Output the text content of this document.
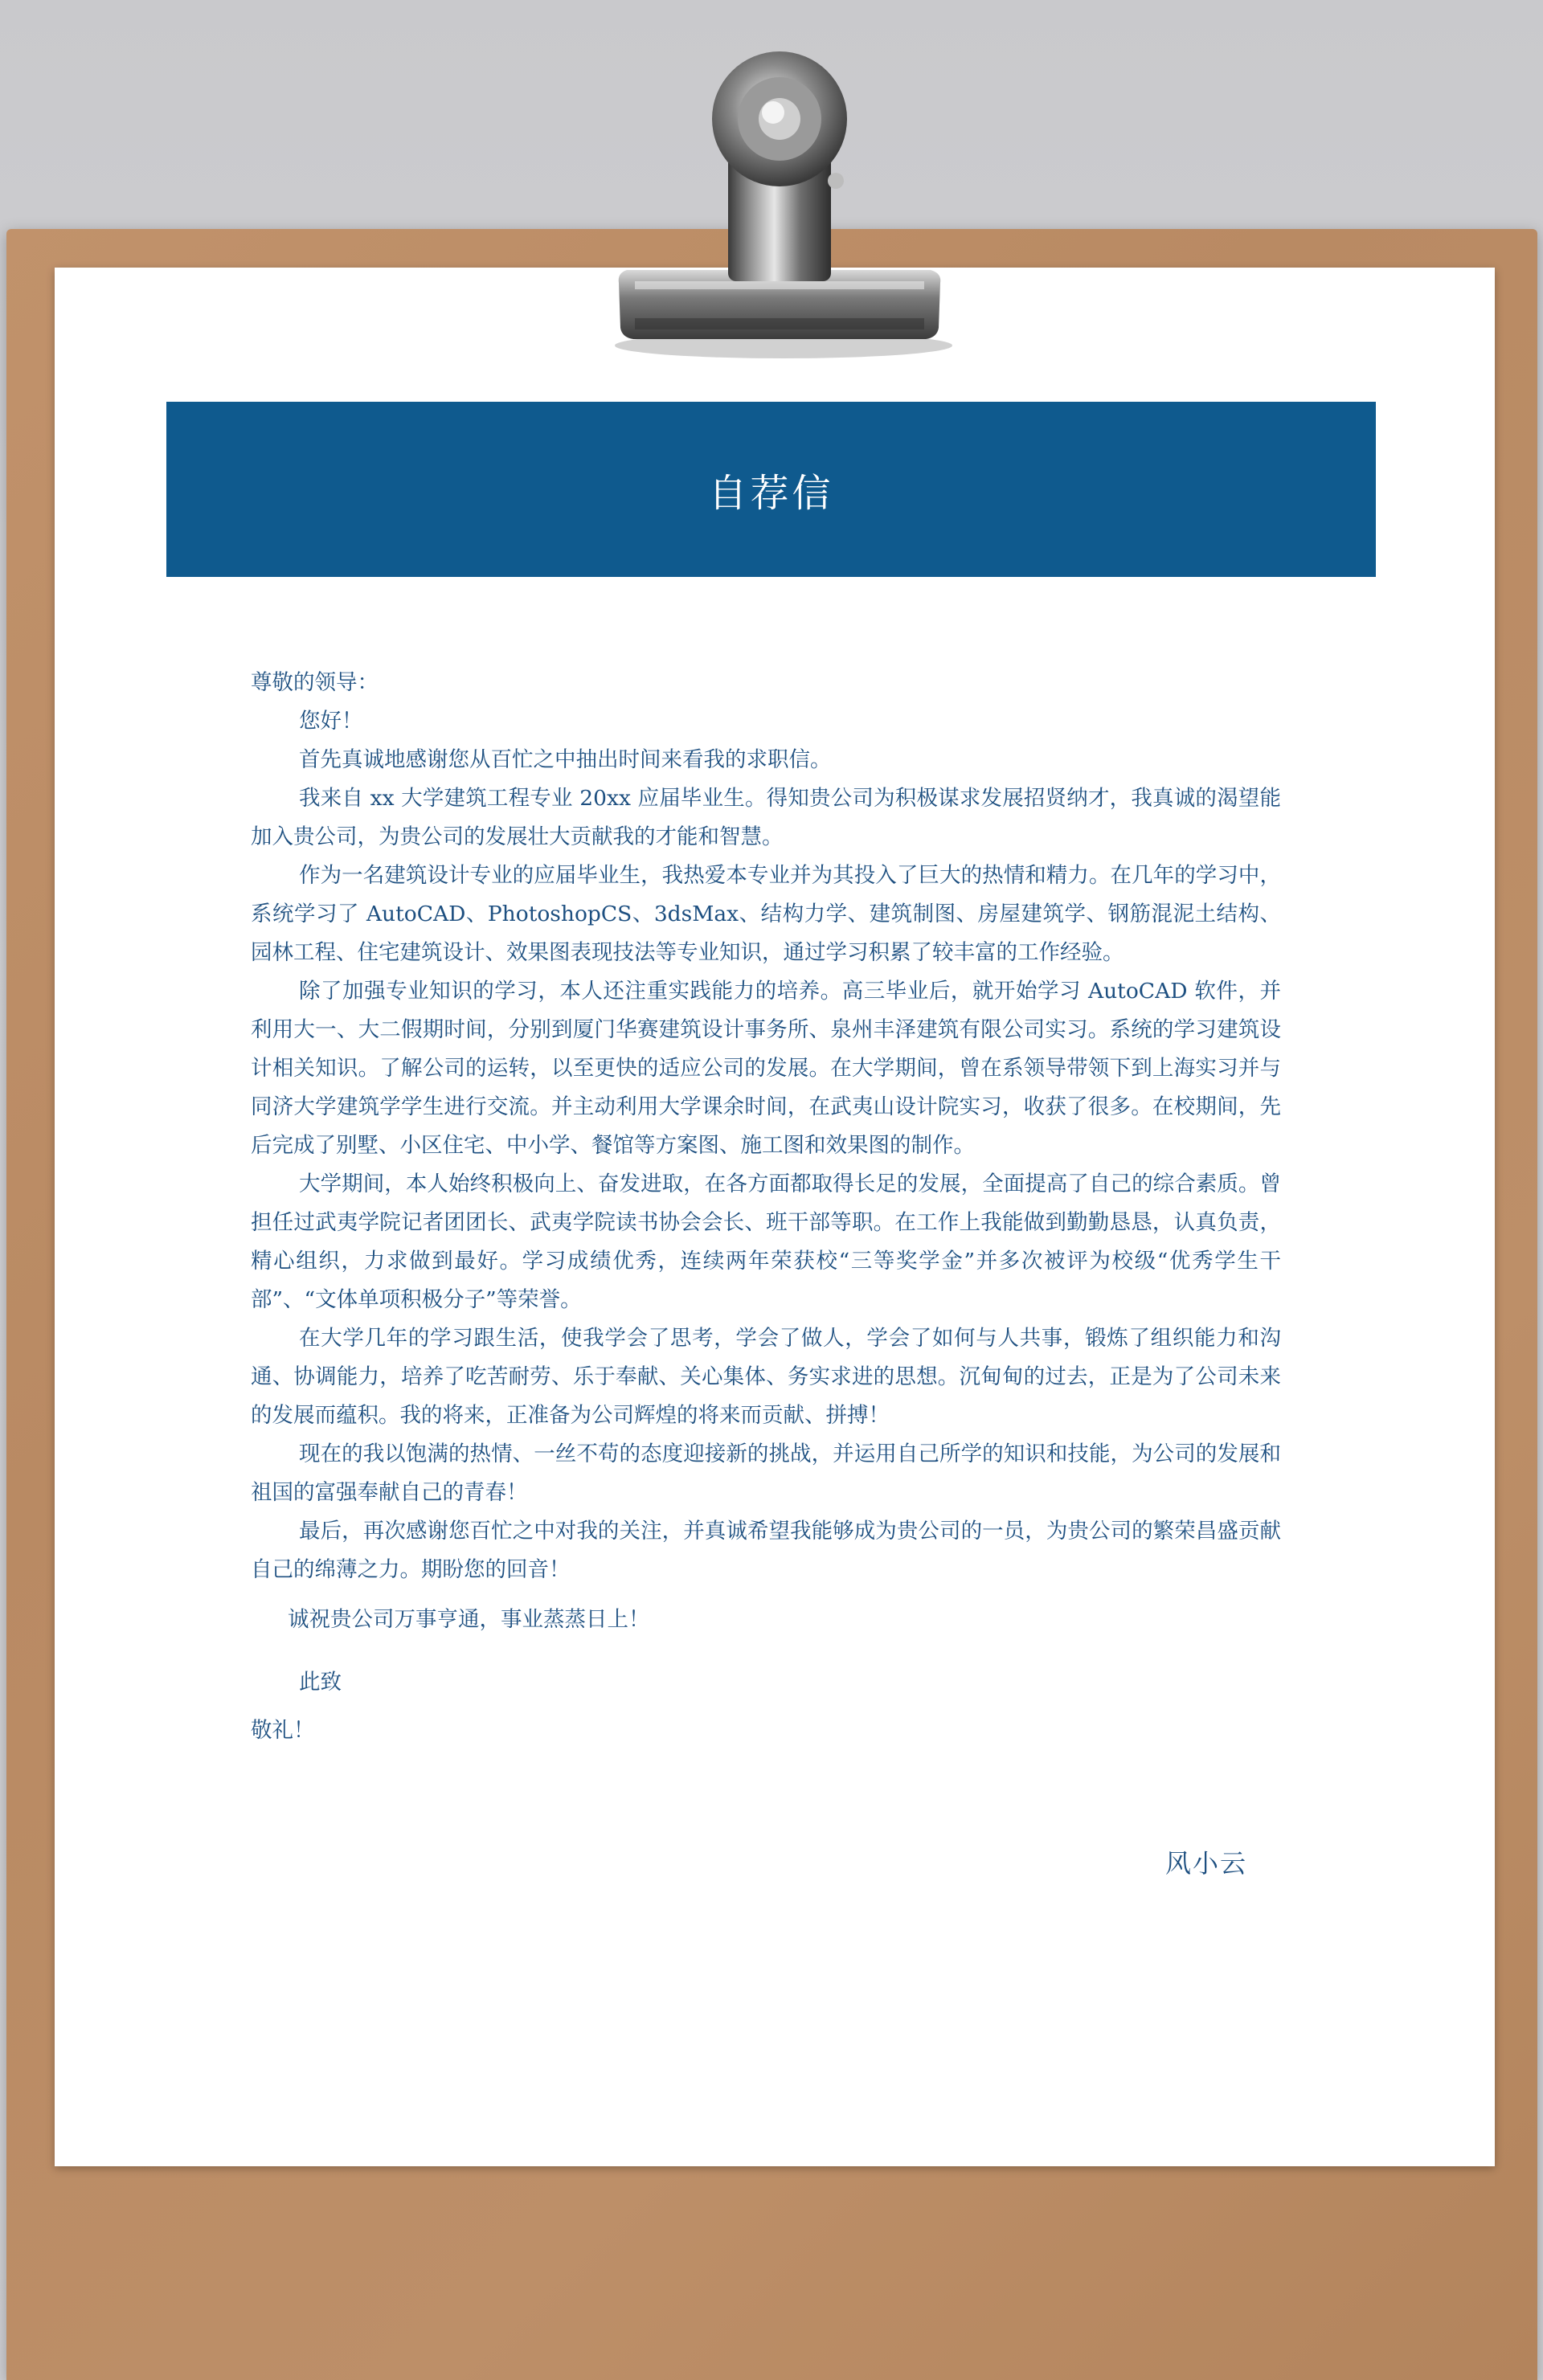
自荐信

尊敬的领导：

您好！

首先真诚地感谢您从百忙之中抽出时间来看我的求职信。

我来自 xx 大学建筑工程专业 20xx 应届毕业生。得知贵公司为积极谋求发展招贤纳才，我真诚的渴望能加入贵公司，为贵公司的发展壮大贡献我的才能和智慧。

作为一名建筑设计专业的应届毕业生，我热爱本专业并为其投入了巨大的热情和精力。在几年的学习中，系统学习了 AutoCAD、PhotoshopCS、3dsMax、结构力学、建筑制图、房屋建筑学、钢筋混泥土结构、园林工程、住宅建筑设计、效果图表现技法等专业知识，通过学习积累了较丰富的工作经验。

除了加强专业知识的学习，本人还注重实践能力的培养。高三毕业后，就开始学习 AutoCAD 软件，并利用大一、大二假期时间，分别到厦门华赛建筑设计事务所、泉州丰泽建筑有限公司实习。系统的学习建筑设计相关知识。了解公司的运转，以至更快的适应公司的发展。在大学期间，曾在系领导带领下到上海实习并与同济大学建筑学学生进行交流。并主动利用大学课余时间，在武夷山设计院实习，收获了很多。在校期间，先后完成了别墅、小区住宅、中小学、餐馆等方案图、施工图和效果图的制作。

大学期间，本人始终积极向上、奋发进取，在各方面都取得长足的发展，全面提高了自己的综合素质。曾担任过武夷学院记者团团长、武夷学院读书协会会长、班干部等职。在工作上我能做到勤勤恳恳，认真负责，精心组织，力求做到最好。学习成绩优秀，连续两年荣获校“三等奖学金”并多次被评为校级“优秀学生干部”、“文体单项积极分子”等荣誉。

在大学几年的学习跟生活，使我学会了思考，学会了做人，学会了如何与人共事，锻炼了组织能力和沟通、协调能力，培养了吃苦耐劳、乐于奉献、关心集体、务实求进的思想。沉甸甸的过去，正是为了公司未来的发展而蕴积。我的将来，正准备为公司辉煌的将来而贡献、拼搏！

现在的我以饱满的热情、一丝不苟的态度迎接新的挑战，并运用自己所学的知识和技能，为公司的发展和祖国的富强奉献自己的青春！

最后，再次感谢您百忙之中对我的关注，并真诚希望我能够成为贵公司的一员，为贵公司的繁荣昌盛贡献自己的绵薄之力。期盼您的回音！

诚祝贵公司万事亨通，事业蒸蒸日上！

此致

敬礼！

风小云
